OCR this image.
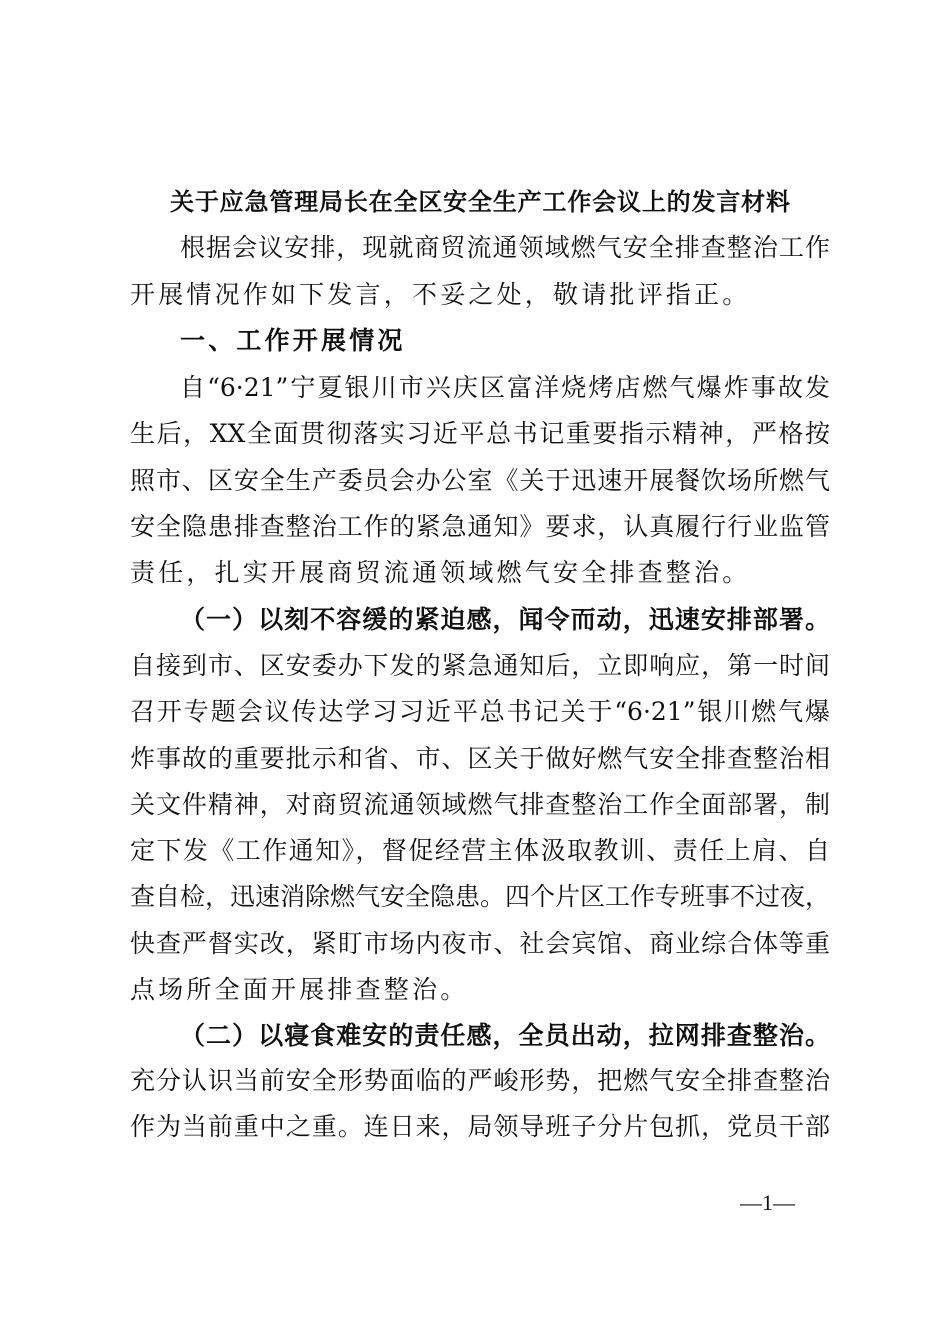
关于应急管理局长在全区安全生产工作会议上的发言材料
根据会议安排，现就商贸流通领域燃气安全排查整治工作
开展情况作如下发言，不妥之处，敬请批评指正。
一、工作开展情况
自“6·21”宁夏银川市兴庆区富洋烧烤店燃气爆炸事故发
生后，XX全面贯彻落实习近平总书记重要指示精神，严格按
照市、区安全生产委员会办公室《关于迅速开展餐饮场所燃气
安全隐患排查整治工作的紧急通知》要求，认真履行行业监管
责任，扎实开展商贸流通领域燃气安全排查整治。
（一）以刻不容缓的紧迫感，闻令而动，迅速安排部署。
自接到市、区安委办下发的紧急通知后，立即响应，第一时间
召开专题会议传达学习习近平总书记关于“6·21”银川燃气爆
炸事故的重要批示和省、市、区关于做好燃气安全排查整治相
关文件精神，对商贸流通领域燃气排查整治工作全面部署，制
定下发《工作通知》，督促经营主体汲取教训、责任上肩、自
查自检，迅速消除燃气安全隐患。四个片区工作专班事不过夜，
快查严督实改，紧盯市场内夜市、社会宾馆、商业综合体等重
点场所全面开展排查整治。
（二）以寝食难安的责任感，全员出动，拉网排查整治。
充分认识当前安全形势面临的严峻形势，把燃气安全排查整治
作为当前重中之重。连日来，局领导班子分片包抓，党员干部
—1—
